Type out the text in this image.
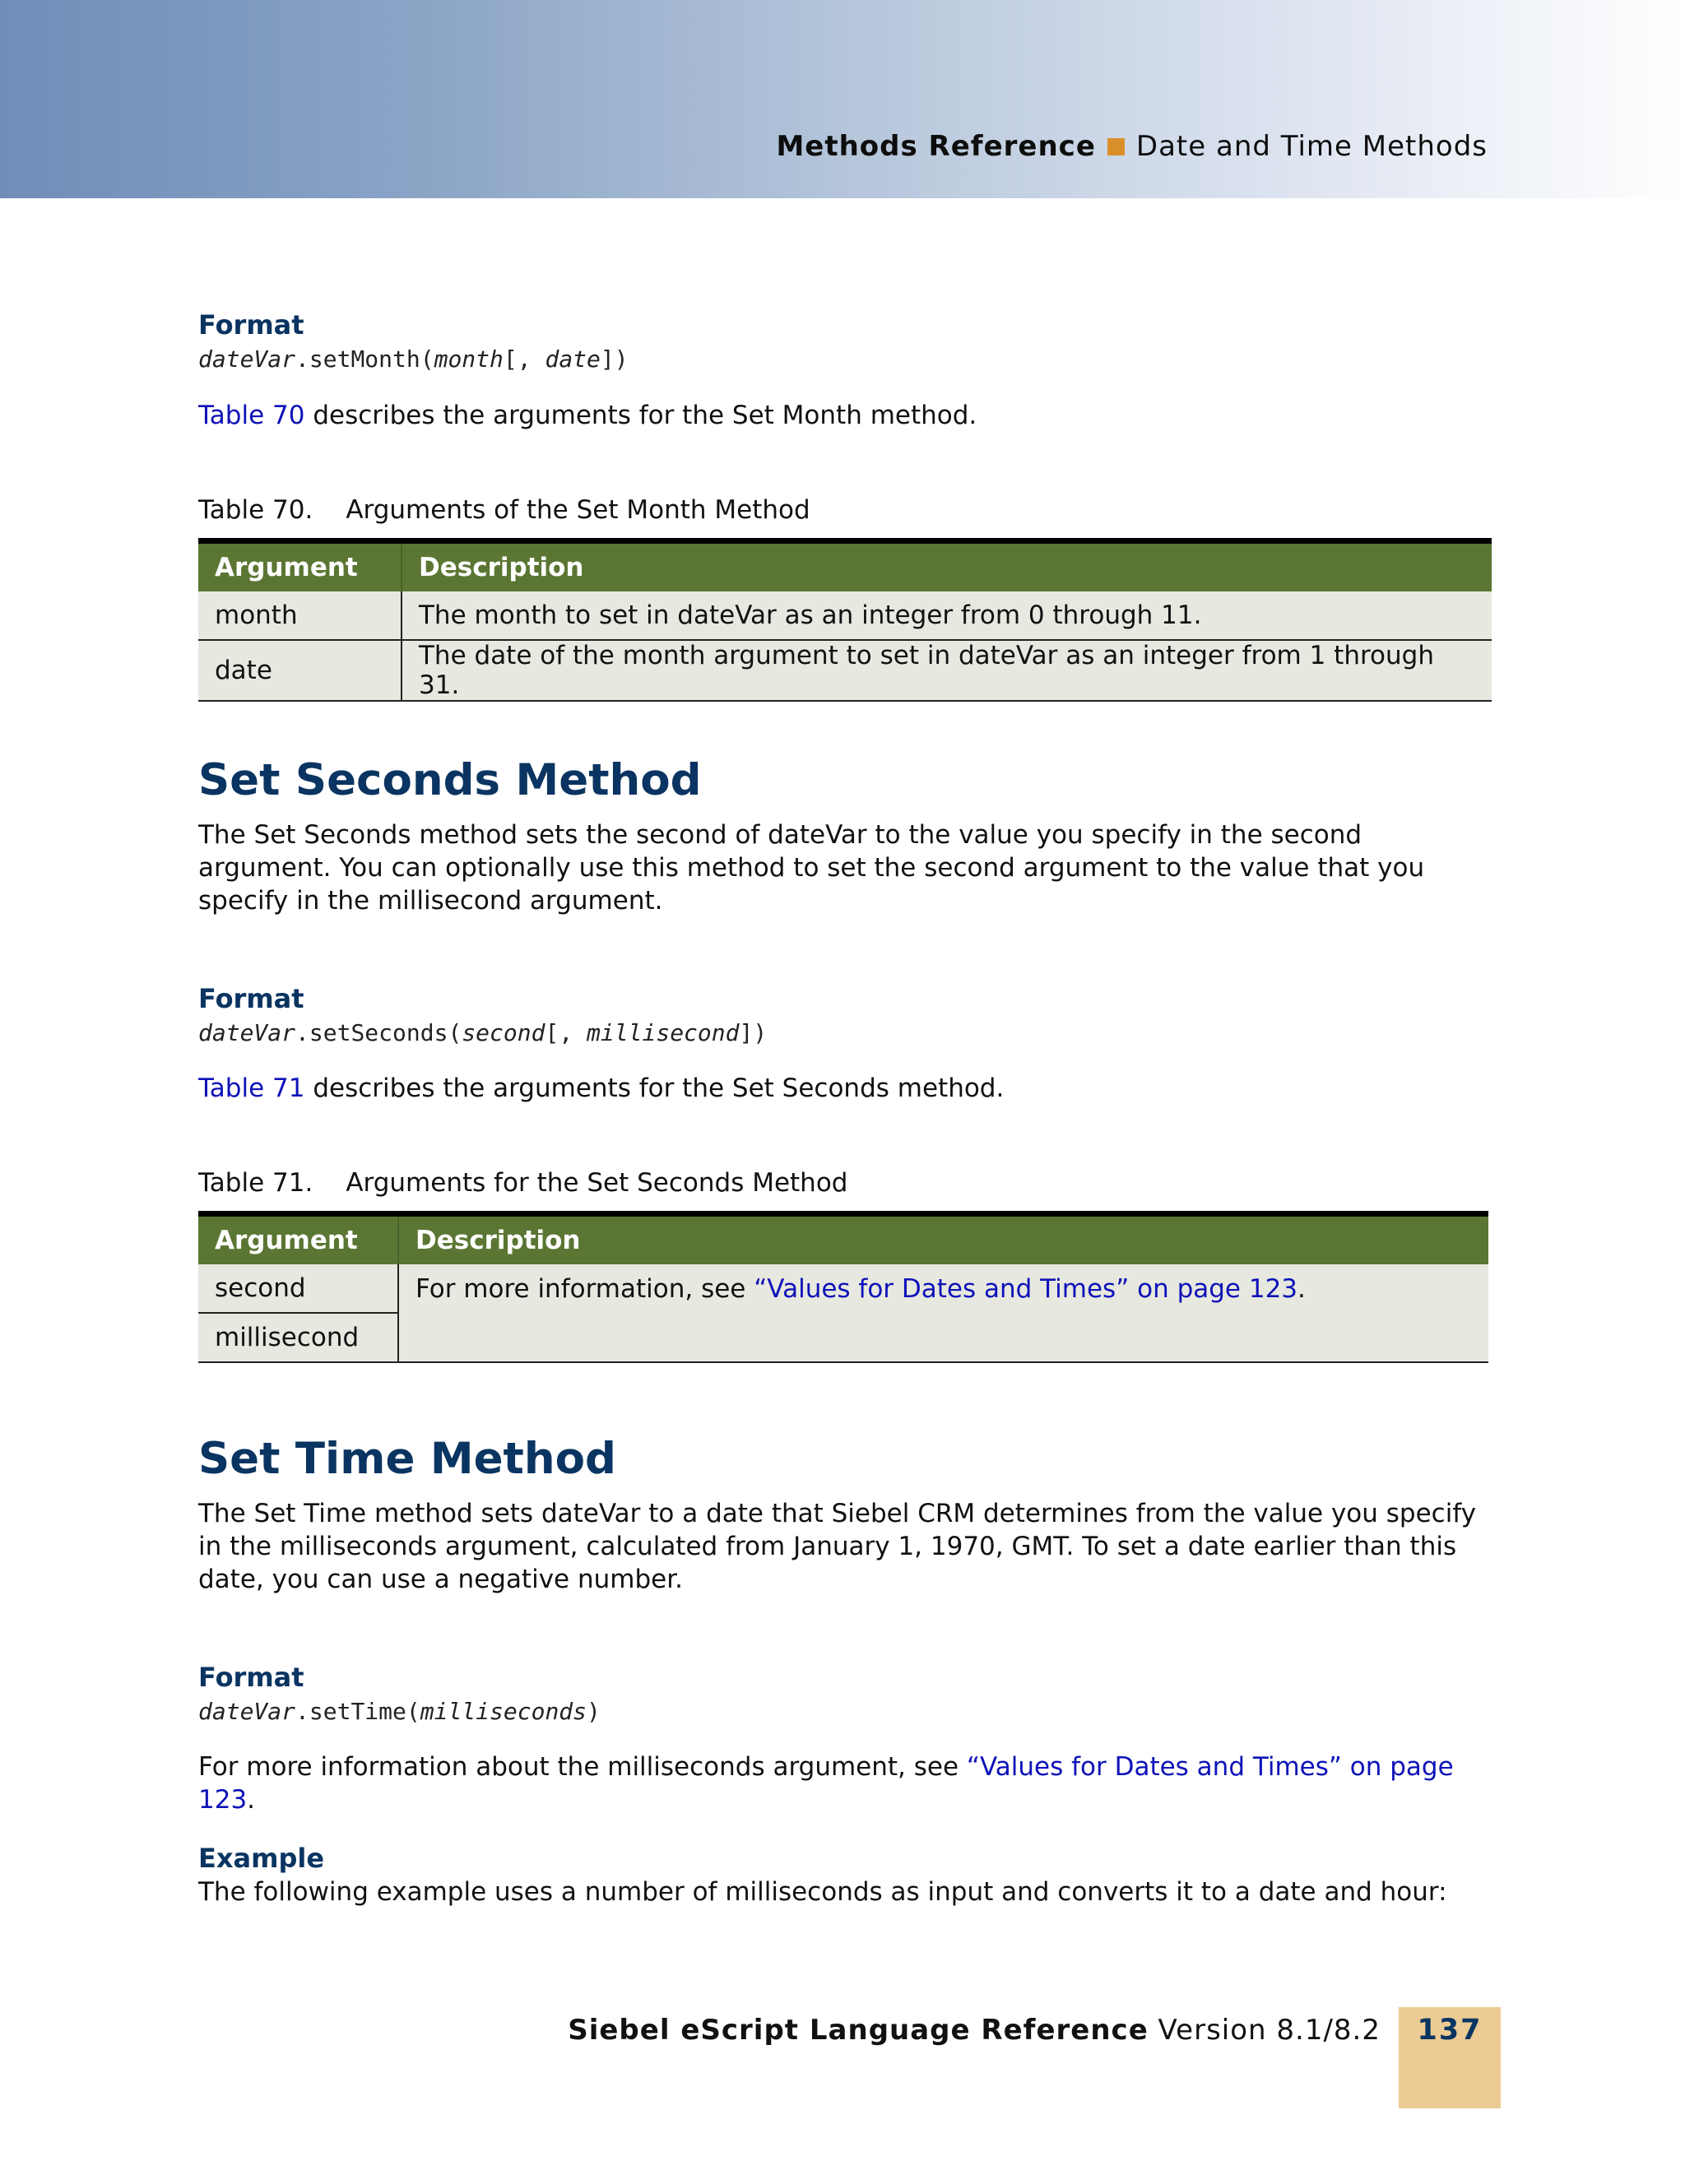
Methods Reference Date and Time Methods
Format
dateVar.setMonth(month[, date])

Table 70 describes the arguments for the Set Month method.

Table 70. Arguments of the Set Month Method
Argument	Description
month	The month to set in dateVar as an integer from 0 through 11.
date	The date of the month argument to set in dateVar as an integer from 1 through 31.
Set Seconds Method

The Set Seconds method sets the second of dateVar to the value you specify in the second argument. You can optionally use this method to set the second argument to the value that you specify in the millisecond argument.

Format
dateVar.setSeconds(second[, millisecond])

Table 71 describes the arguments for the Set Seconds method.

Table 71. Arguments for the Set Seconds Method
Argument	Description
second	For more information, see “Values for Dates and Times” on page 123.
millisecond	
Set Time Method

The Set Time method sets dateVar to a date that Siebel CRM determines from the value you specify in the milliseconds argument, calculated from January 1, 1970, GMT. To set a date earlier than this date, you can use a negative number.

Format
dateVar.setTime(milliseconds)

For more information about the milliseconds argument, see “Values for Dates and Times” on page 123.

Example

The following example uses a number of milliseconds as input and converts it to a date and hour:

Siebel eScript Language Reference Version 8.1/8.2	137
